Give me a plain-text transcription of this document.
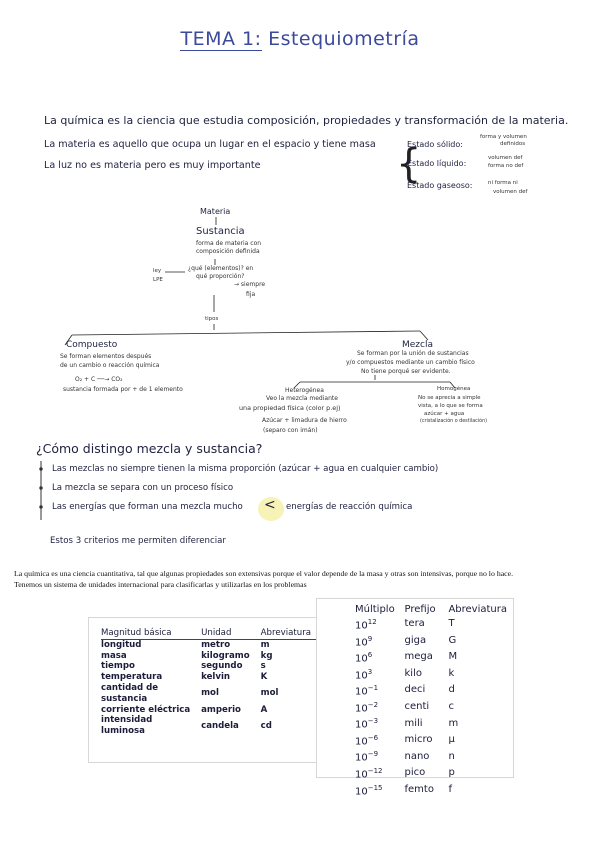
TEMA 1: Estequiometría
La química es la ciencia que estudia composición, propiedades y transformación de la materia.
La materia es aquello que ocupa un lugar en el espacio y tiene masa
La luz no es materia pero es muy importante	{
Estado sólido:
forma y volumen
definidos
Estado líquido:
volumen def
forma no def
Estado gaseoso:	ni forma ni
volumen def
Materia
Sustancia
forma de materia con
composición definida
¿qué (elementos)? en
qué proporción?
ley
LPE
→ siempre
fija
tipos
Compuesto
Se forman elementos después
de un cambio o reacción química
O₂ + C ──→ CO₂
sustancia formada por + de 1 elemento
Mezcla
Se forman por la unión de sustancias
y/o compuestos mediante un cambio físico
No tiene porqué ser evidente.
Heterogénea
Veo la mezcla mediante
una propiedad física (color p.ej)
Azúcar + limadura de hierro
(separo con imán)
Homogénea
No se aprecia a simple
vista, a lo que se forma
azúcar + agua
(cristalización o destilación)
¿Cómo distingo mezcla y sustancia?
Las mezclas no siempre tienen la misma proporción (azúcar + agua en cualquier cambio)
La mezcla se separa con un proceso físico
Las energías que forman una mezcla mucho < energías de reacción química
Estos 3 criterios me permiten diferenciar
La química es una ciencia cuantitativa, tal que algunas propiedades son extensivas porque el valor depende de la masa y otras son intensivas, porque no lo hace.
Tenemos un sistema de unidades internacional para clasificarlas y utilizarlas en los problemas
Magnitud básica	Unidad	Abreviatura
longitud	metro	m
masa	kilogramo	kg
tiempo	segundo	s
temperatura	kelvin	K
cantidad de sustancia	mol	mol
corriente eléctrica	amperio	A
intensidad luminosa	candela	cd
Múltiplo	Prefijo	Abreviatura
$10^{12}$	tera	T
$10^9$	giga	G
$10^6$	mega	M
$10^3$	kilo	k
$10^{-1}$	deci	d
$10^{-2}$	centi	c
$10^{-3}$	mili	m
$10^{-6}$	micro	μ
$10^{-9}$	nano	n
$10^{-12}$	pico	p
$10^{-15}$	femto	f
